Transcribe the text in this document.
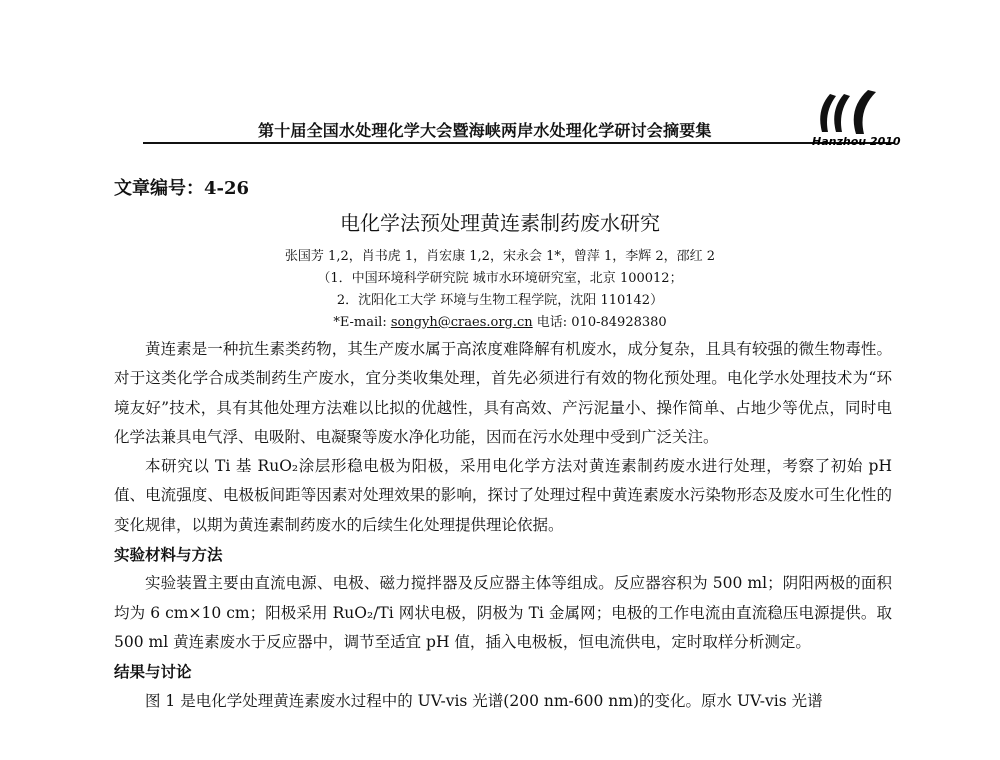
第十届全国水处理化学大会暨海峡两岸水处理化学研讨会摘要集
Hanzhou 2010
文章编号：4-26
电化学法预处理黄连素制药废水研究
张国芳 1,2，肖书虎 1，肖宏康 1,2，宋永会 1*，曾萍 1，李辉 2，邵红 2
（1．中国环境科学研究院 城市水环境研究室，北京 100012；
2．沈阳化工大学 环境与生物工程学院，沈阳 110142）
*E-mail: songyh@craes.org.cn 电话: 010-84928380

黄连素是一种抗生素类药物，其生产废水属于高浓度难降解有机废水，成分复杂，且具有较强的微生物毒性。对于这类化学合成类制药生产废水，宜分类收集处理，首先必须进行有效的物化预处理。电化学水处理技术为“环境友好”技术，具有其他处理方法难以比拟的优越性，具有高效、产污泥量小、操作简单、占地少等优点，同时电化学法兼具电气浮、电吸附、电凝聚等废水净化功能，因而在污水处理中受到广泛关注。

本研究以 Ti 基 RuO₂涂层形稳电极为阳极，采用电化学方法对黄连素制药废水进行处理，考察了初始 pH 值、电流强度、电极板间距等因素对处理效果的影响，探讨了处理过程中黄连素废水污染物形态及废水可生化性的变化规律，以期为黄连素制药废水的后续生化处理提供理论依据。

实验材料与方法

实验装置主要由直流电源、电极、磁力搅拌器及反应器主体等组成。反应器容积为 500 ml；阴阳两极的面积均为 6 cm×10 cm；阳极采用 RuO₂/Ti 网状电极，阴极为 Ti 金属网；电极的工作电流由直流稳压电源提供。取 500 ml 黄连素废水于反应器中，调节至适宜 pH 值，插入电极板，恒电流供电，定时取样分析测定。

结果与讨论

图 1 是电化学处理黄连素废水过程中的 UV-vis 光谱(200 nm-600 nm)的变化。原水 UV-vis 光谱
